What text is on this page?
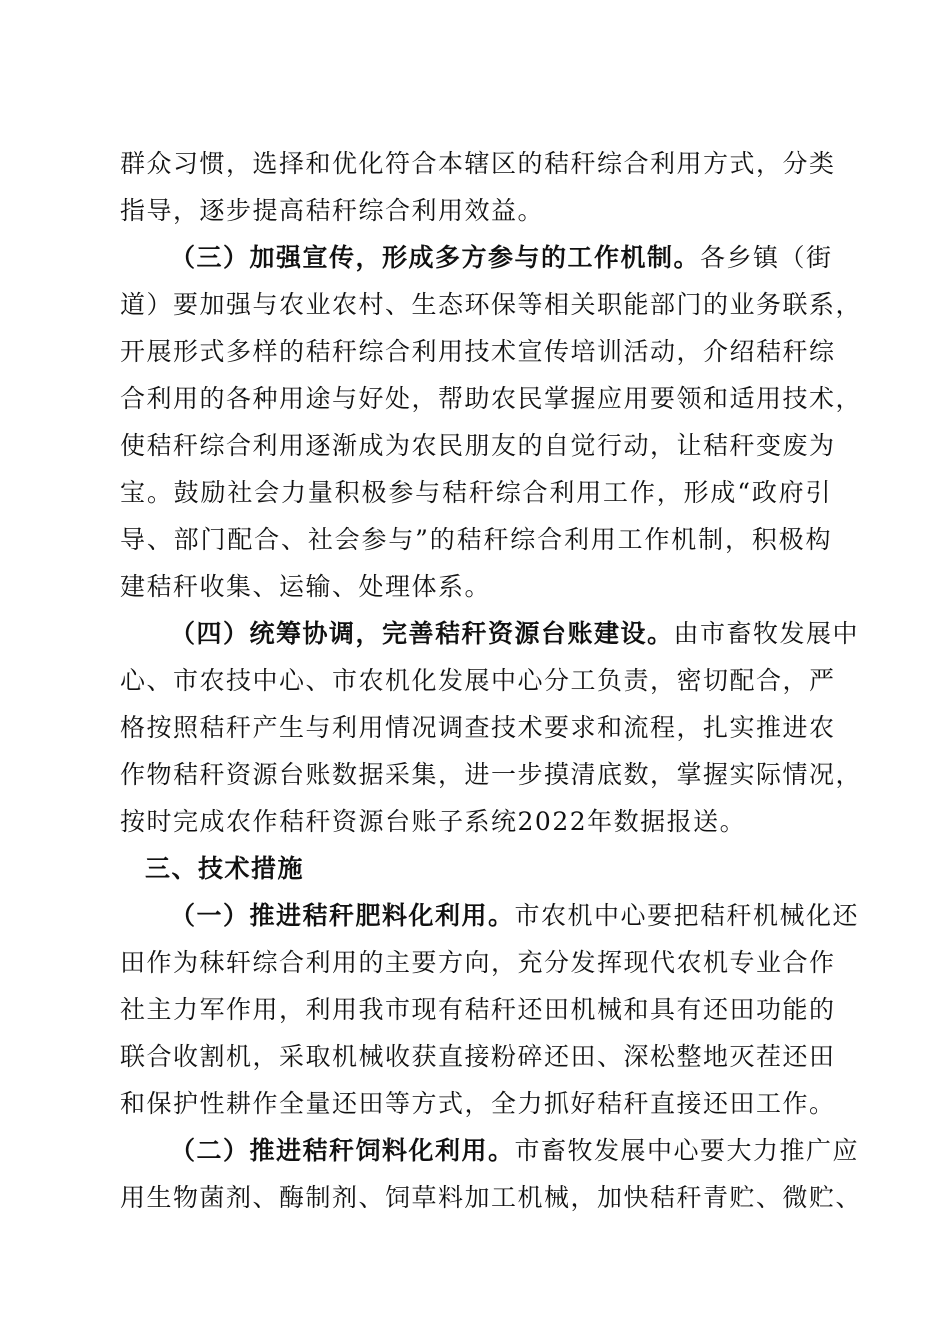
群众习惯，选择和优化符合本辖区的秸秆综合利用方式，分类
指导，逐步提高秸秆综合利用效益。
（三）加强宣传，形成多方参与的工作机制。各乡镇（街
道）要加强与农业农村、生态环保等相关职能部门的业务联系，
开展形式多样的秸秆综合利用技术宣传培训活动，介绍秸秆综
合利用的各种用途与好处，帮助农民掌握应用要领和适用技术，
使秸秆综合利用逐渐成为农民朋友的自觉行动，让秸秆变废为
宝。鼓励社会力量积极参与秸秆综合利用工作，形成“政府引
导、部门配合、社会参与”的秸秆综合利用工作机制，积极构
建秸秆收集、运输、处理体系。
（四）统筹协调，完善秸秆资源台账建设。由市畜牧发展中
心、市农技中心、市农机化发展中心分工负责，密切配合，严
格按照秸秆产生与利用情况调查技术要求和流程，扎实推进农
作物秸秆资源台账数据采集，进一步摸清底数，掌握实际情况，
按时完成农作秸秆资源台账子系统2022年数据报送。
三、技术措施
（一）推进秸秆肥料化利用。市农机中心要把秸秆机械化还
田作为秣轩综合利用的主要方向，充分发挥现代农机专业合作
社主力军作用，利用我市现有秸秆还田机械和具有还田功能的
联合收割机，采取机械收获直接粉碎还田、深松整地灭茬还田
和保护性耕作全量还田等方式，全力抓好秸秆直接还田工作。
（二）推进秸秆饲料化利用。市畜牧发展中心要大力推广应
用生物菌剂、酶制剂、饲草料加工机械，加快秸秆青贮、微贮、
